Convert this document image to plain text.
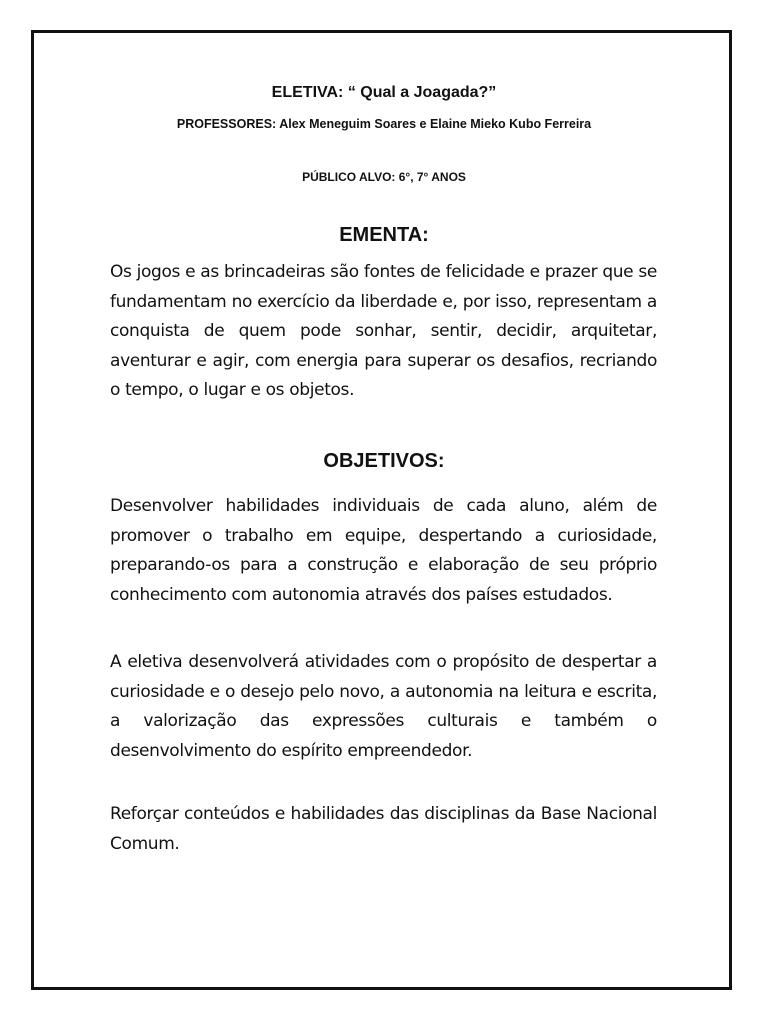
ELETIVA: “ Qual a Joagada?”

PROFESSORES: Alex Meneguim Soares e Elaine Mieko Kubo Ferreira

PÚBLICO ALVO: 6°, 7° ANOS

EMENTA:

Os jogos e as brincadeiras são fontes de felicidade e prazer que se fundamentam no exercício da liberdade e, por isso, representam a conquista de quem pode sonhar, sentir, decidir, arquitetar, aventurar e agir, com energia para superar os desafios, recriando o tempo, o lugar e os objetos.

OBJETIVOS:

Desenvolver habilidades individuais de cada aluno, além de promover o trabalho em equipe, despertando a curiosidade, preparando-os para a construção e elaboração de seu próprio conhecimento com autonomia através dos países estudados.

A eletiva desenvolverá atividades com o propósito de despertar a curiosidade e o desejo pelo novo, a autonomia na leitura e escrita, a valorização das expressões culturais e também o desenvolvimento do espírito empreendedor.

Reforçar conteúdos e habilidades das disciplinas da Base Nacional Comum.
